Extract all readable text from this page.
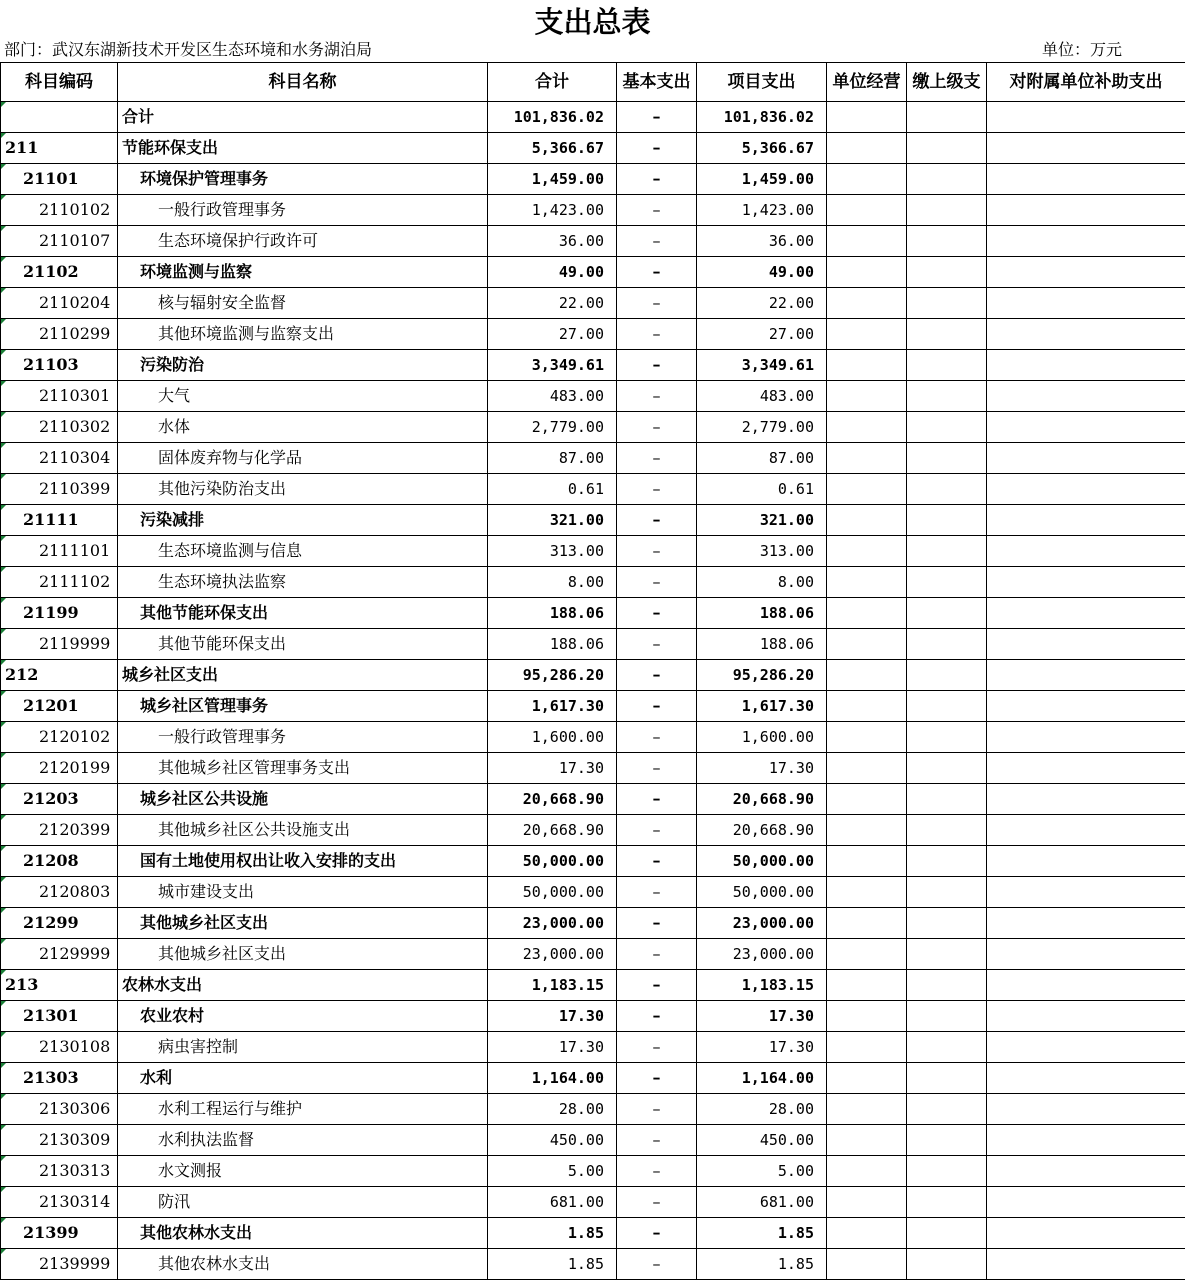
支出总表
部门：武汉东湖新技术开发区生态环境和水务湖泊局	单位：万元
科目编码	科目名称	合计	基本支出	项目支出	单位经营	缴上级支	对附属单位补助支出
	合计	101,836.02	–	101,836.02			
211	节能环保支出	5,366.67	–	5,366.67			
21101	环境保护管理事务	1,459.00	–	1,459.00			
2110102	一般行政管理事务	1,423.00	–	1,423.00			
2110107	生态环境保护行政许可	36.00	–	36.00			
21102	环境监测与监察	49.00	–	49.00			
2110204	核与辐射安全监督	22.00	–	22.00			
2110299	其他环境监测与监察支出	27.00	–	27.00			
21103	污染防治	3,349.61	–	3,349.61			
2110301	大气	483.00	–	483.00			
2110302	水体	2,779.00	–	2,779.00			
2110304	固体废弃物与化学品	87.00	–	87.00			
2110399	其他污染防治支出	0.61	–	0.61			
21111	污染减排	321.00	–	321.00			
2111101	生态环境监测与信息	313.00	–	313.00			
2111102	生态环境执法监察	8.00	–	8.00			
21199	其他节能环保支出	188.06	–	188.06			
2119999	其他节能环保支出	188.06	–	188.06			
212	城乡社区支出	95,286.20	–	95,286.20			
21201	城乡社区管理事务	1,617.30	–	1,617.30			
2120102	一般行政管理事务	1,600.00	–	1,600.00			
2120199	其他城乡社区管理事务支出	17.30	–	17.30			
21203	城乡社区公共设施	20,668.90	–	20,668.90			
2120399	其他城乡社区公共设施支出	20,668.90	–	20,668.90			
21208	国有土地使用权出让收入安排的支出	50,000.00	–	50,000.00			
2120803	城市建设支出	50,000.00	–	50,000.00			
21299	其他城乡社区支出	23,000.00	–	23,000.00			
2129999	其他城乡社区支出	23,000.00	–	23,000.00			
213	农林水支出	1,183.15	–	1,183.15			
21301	农业农村	17.30	–	17.30			
2130108	病虫害控制	17.30	–	17.30			
21303	水利	1,164.00	–	1,164.00			
2130306	水利工程运行与维护	28.00	–	28.00			
2130309	水利执法监督	450.00	–	450.00			
2130313	水文测报	5.00	–	5.00			
2130314	防汛	681.00	–	681.00			
21399	其他农林水支出	1.85	–	1.85			
2139999	其他农林水支出	1.85	–	1.85			
